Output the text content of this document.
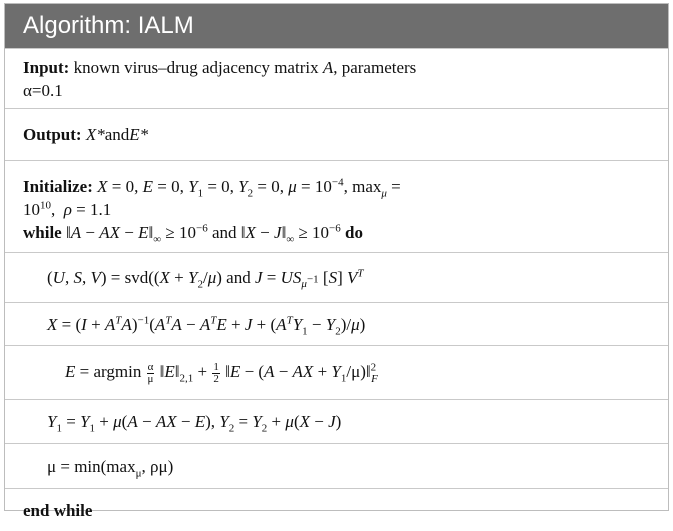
Algorithm: IALM
Input: known virus–drug adjacency matrix A, parameters
α=0.1
Output:
X* and E*
Initialize: X = 0, E = 0, $Y_1 = 0$, $Y_2 = 0$, $\mu = 10^{-4}$, $\max_\mu$ =
$10^{10}$,  ρ = 1.1
while ‖A − AX − $E‖_\infty \ge 10^{-6}$ and ‖X − $J‖_\infty \ge 10^{-6}$ do
(U, S, $V) = svd((X + Y_2/\mu)$ and $J = US_{\mu^{-1}}$ [S] $V^T$
$X = (I + A^TA)^{-1}(A^TA - A^TE + J + (A^TY_1 - Y_2)/\mu)$
E = argmin $\frac{\alpha}{\mu}$ $‖E‖_{2,1} + \frac{1}{2}$ ‖E − (A − AX + $Y_1/\mu)‖^2_F$
$Y_1 = Y_1 + \mu(A$ − AX − E), $Y_2 = Y_2 + \mu(X - J)$
$\mu = \min(\max_\mu$, ρμ)
end while
